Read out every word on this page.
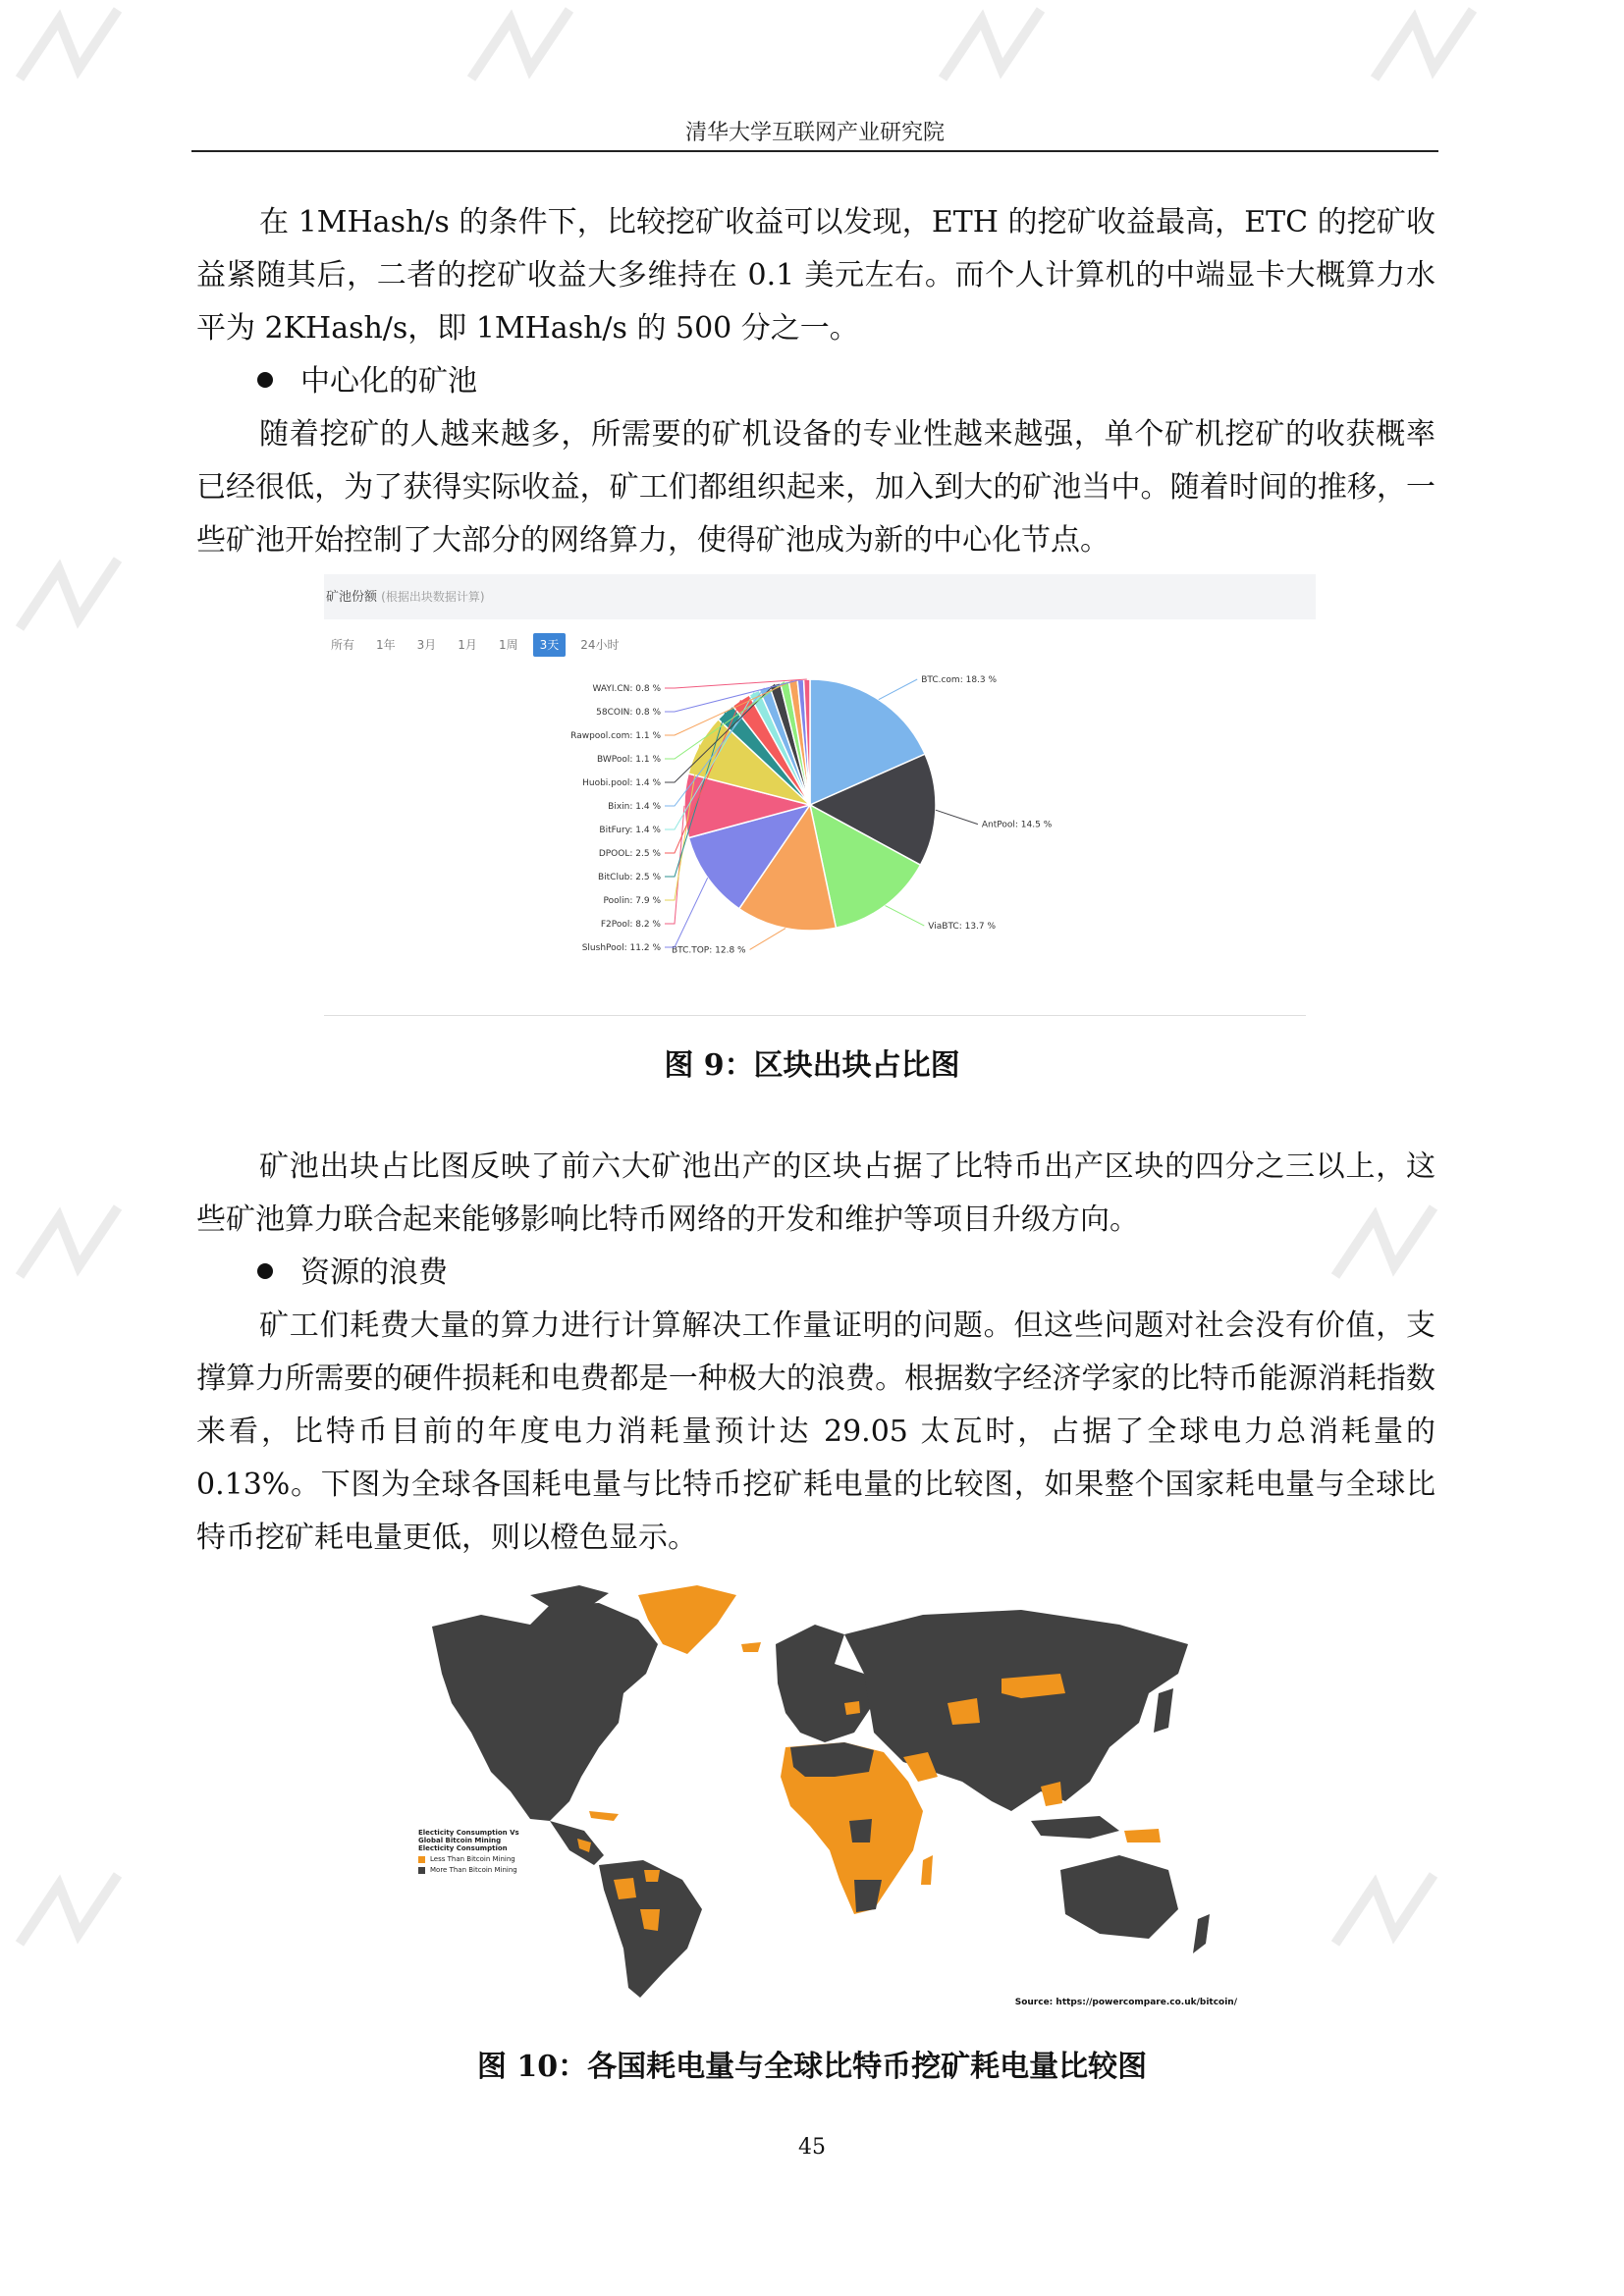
清华大学互联网产业研究院

在 1MHash/s 的条件下，比较挖矿收益可以发现，ETH 的挖矿收益最高，ETC 的挖矿收益紧随其后，二者的挖矿收益大多维持在 0.1 美元左右。而个人计算机的中端显卡大概算力水平为 2KHash/s，即 1MHash/s 的 500 分之一。

中心化的矿池

随着挖矿的人越来越多，所需要的矿机设备的专业性越来越强，单个矿机挖矿的收获概率已经很低，为了获得实际收益，矿工们都组织起来，加入到大的矿池当中。随着时间的推移，一些矿池开始控制了大部分的网络算力，使得矿池成为新的中心化节点。

矿池份额 (根据出块数据计算)
所有 1年 3月 1月 1周 3天 24小时
BTC.com: 18.3 %
AntPool: 14.5 %
ViaBTC: 13.7 %
BTC.TOP: 12.8 %
SlushPool: 11.2 %
F2Pool: 8.2 %
Poolin: 7.9 %
BitClub: 2.5 %
DPOOL: 2.5 %
BitFury: 1.4 %
Bixin: 1.4 %
Huobi.pool: 1.4 %
BWPool: 1.1 %
Rawpool.com: 1.1 %
58COIN: 0.8 %
WAYI.CN: 0.8 %
图 9：区块出块占比图

矿池出块占比图反映了前六大矿池出产的区块占据了比特币出产区块的四分之三以上，这些矿池算力联合起来能够影响比特币网络的开发和维护等项目升级方向。

资源的浪费

矿工们耗费大量的算力进行计算解决工作量证明的问题。但这些问题对社会没有价值，支撑算力所需要的硬件损耗和电费都是一种极大的浪费。根据数字经济学家的比特币能源消耗指数来看，比特币目前的年度电力消耗量预计达 29.05 太瓦时，占据了全球电力总消耗量的 0.13%。下图为全球各国耗电量与比特币挖矿耗电量的比较图，如果整个国家耗电量与全球比特币挖矿耗电量更低，则以橙色显示。

Electicity Consumption Vs Global Bitcoin Mining Electicity Consumption
Less Than Bitcoin Mining
More Than Bitcoin Mining
Source: https://powercompare.co.uk/bitcoin/
图 10：各国耗电量与全球比特币挖矿耗电量比较图
45
